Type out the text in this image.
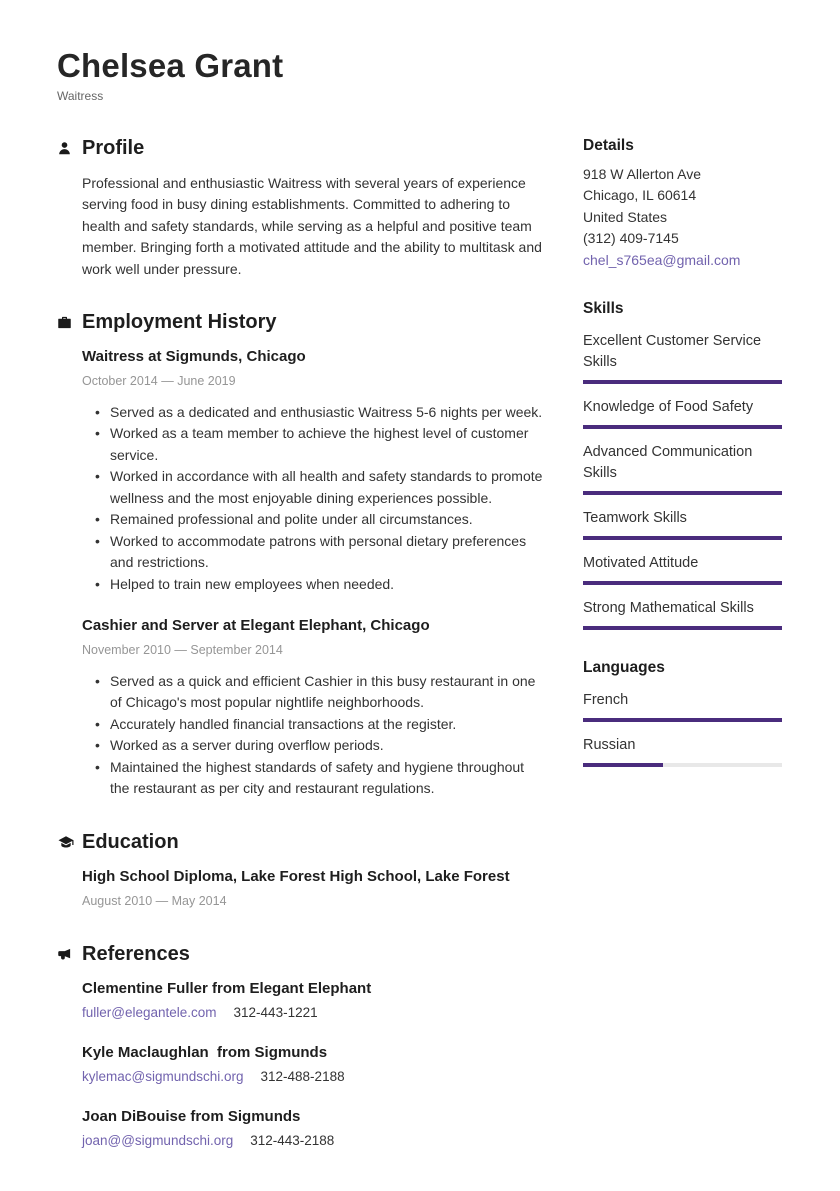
Chelsea Grant
Waitress
Profile

Professional and enthusiastic Waitress with several years of experience serving food in busy dining establishments. Committed to adhering to health and safety standards, while serving as a helpful and positive team member. Bringing forth a motivated attitude and the ability to multitask and work well under pressure.

Employment History
Waitress at Sigmunds, Chicago
October 2014 — June 2019
• Served as a dedicated and enthusiastic Waitress 5-6 nights per week.
• Worked as a team member to achieve the highest level of customer service.
• Worked in accordance with all health and safety standards to promote wellness and the most enjoyable dining experiences possible.
• Remained professional and polite under all circumstances.
• Worked to accommodate patrons with personal dietary preferences and restrictions.
• Helped to train new employees when needed.
Cashier and Server at Elegant Elephant, Chicago
November 2010 — September 2014
• Served as a quick and efficient Cashier in this busy restaurant in one of Chicago's most popular nightlife neighborhoods.
• Accurately handled financial transactions at the register.
• Worked as a server during overflow periods.
• Maintained the highest standards of safety and hygiene throughout the restaurant as per city and restaurant regulations.
Education
High School Diploma, Lake Forest High School, Lake Forest
August 2010 — May 2014
References
Clementine Fuller from Elegant Elephant
fuller@elegantele.com 312-443-1221
Kyle Maclaughlan  from Sigmunds
kylemac@sigmundschi.org 312-488-2188
Joan DiBouise from Sigmunds
joan@@sigmundschi.org 312-443-2188
Details
918 W Allerton Ave
Chicago, IL 60614
United States
(312) 409-7145
chel_s765ea@gmail.com
Skills
Excellent Customer Service Skills
Knowledge of Food Safety
Advanced Communication Skills
Teamwork Skills
Motivated Attitude
Strong Mathematical Skills
Languages
French
Russian
